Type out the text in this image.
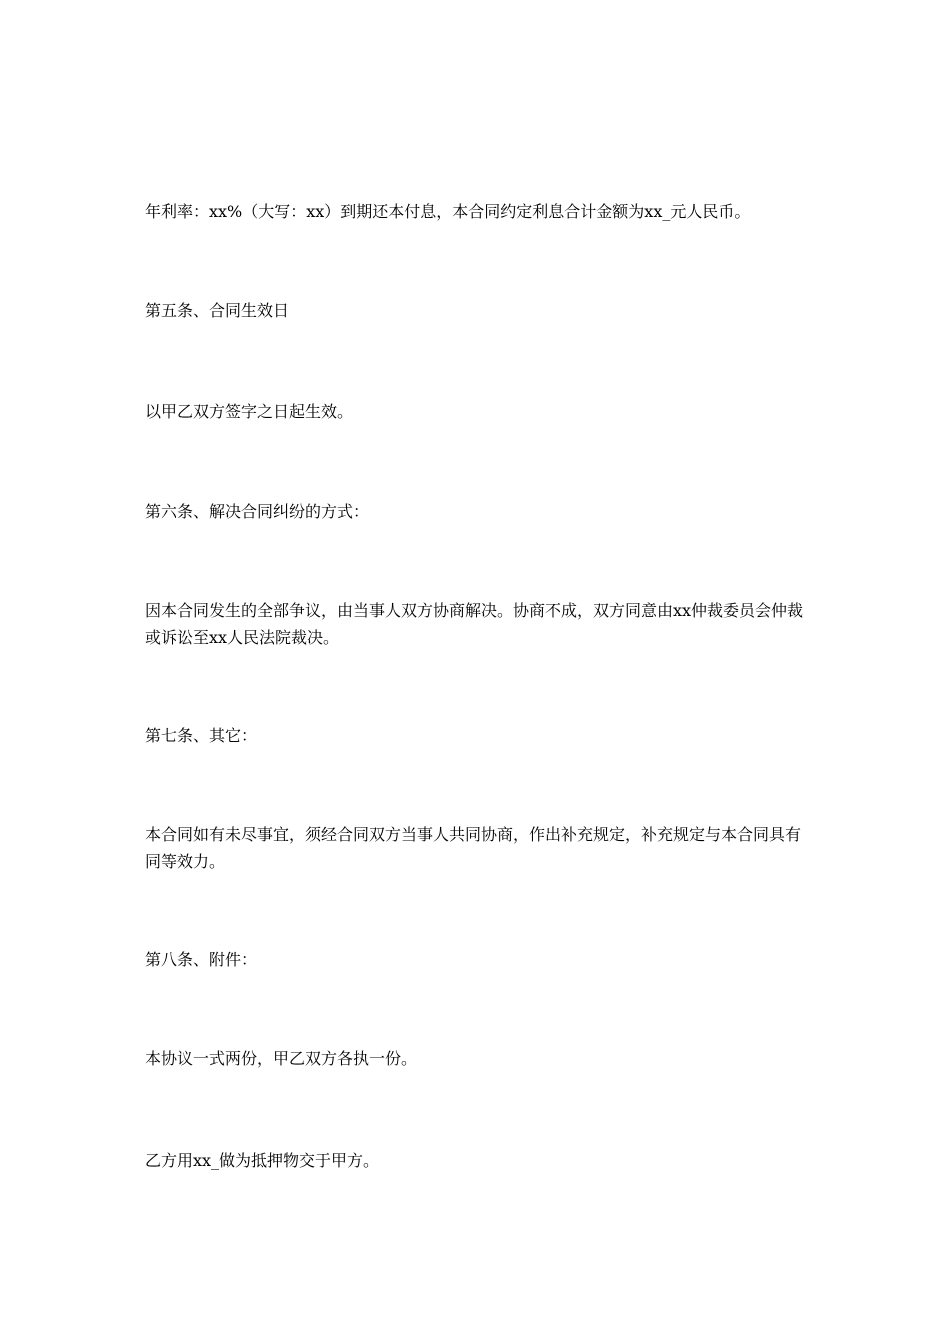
年利率：xx%（大写：xx）到期还本付息，本合同约定利息合计金额为xx_元人民币。

第五条、合同生效日

以甲乙双方签字之日起生效。

第六条、解决合同纠纷的方式：

因本合同发生的全部争议，由当事人双方协商解决。协商不成，双方同意由xx仲裁委员会仲裁或诉讼至xx人民法院裁决。

第七条、其它：

本合同如有未尽事宜，须经合同双方当事人共同协商，作出补充规定，补充规定与本合同具有同等效力。

第八条、附件：

本协议一式两份，甲乙双方各执一份。

乙方用xx_做为抵押物交于甲方。
